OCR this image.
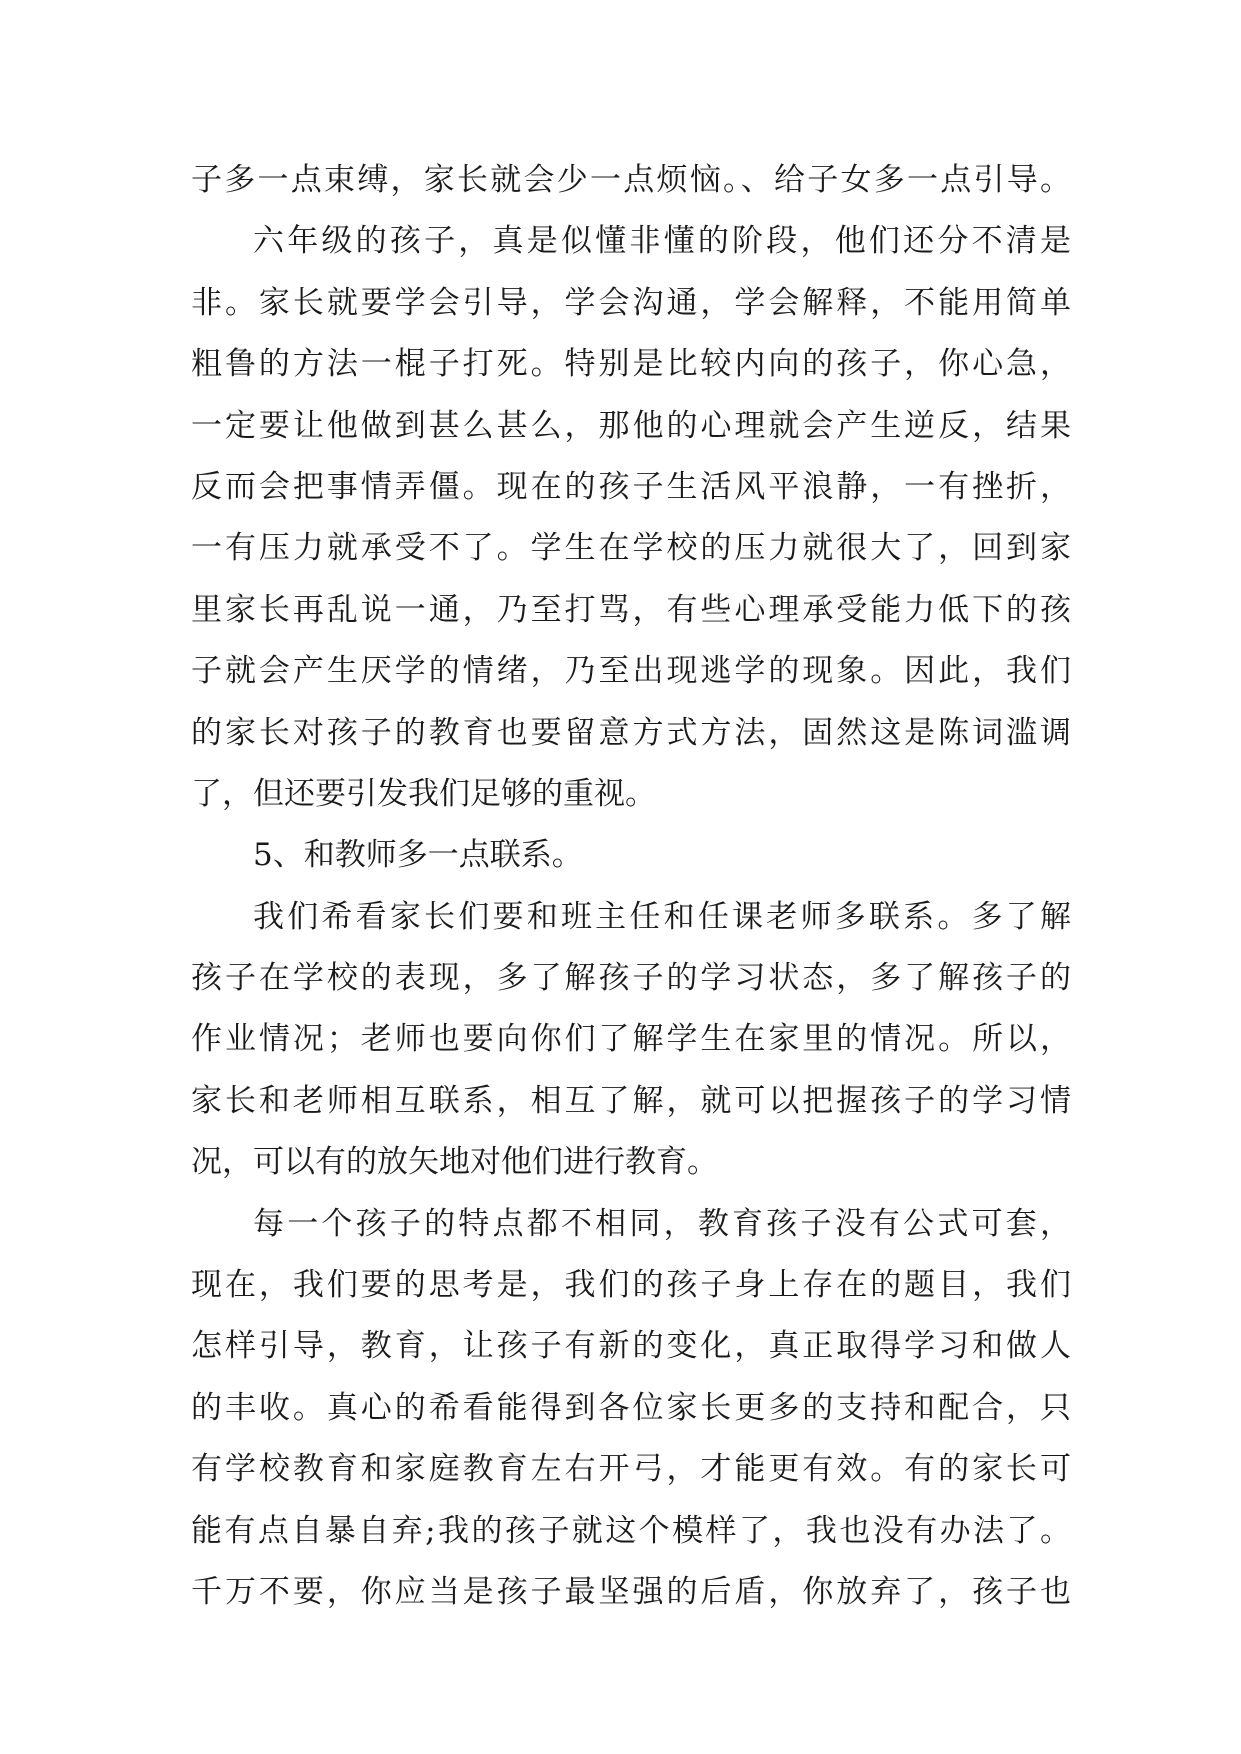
子多一点束缚，家长就会少一点烦恼。、给子女多一点引导。
六年级的孩子，真是似懂非懂的阶段，他们还分不清是
非。家长就要学会引导，学会沟通，学会解释，不能用简单
粗鲁的方法一棍子打死。特别是比较内向的孩子，你心急，
一定要让他做到甚么甚么，那他的心理就会产生逆反，结果
反而会把事情弄僵。现在的孩子生活风平浪静，一有挫折，
一有压力就承受不了。学生在学校的压力就很大了，回到家
里家长再乱说一通，乃至打骂，有些心理承受能力低下的孩
子就会产生厌学的情绪，乃至出现逃学的现象。因此，我们
的家长对孩子的教育也要留意方式方法，固然这是陈词滥调
了，但还要引发我们足够的重视。
5、和教师多一点联系。
我们希看家长们要和班主任和任课老师多联系。多了解
孩子在学校的表现，多了解孩子的学习状态，多了解孩子的
作业情况；老师也要向你们了解学生在家里的情况。所以，
家长和老师相互联系，相互了解，就可以把握孩子的学习情
况，可以有的放矢地对他们进行教育。
每一个孩子的特点都不相同，教育孩子没有公式可套，
现在，我们要的思考是，我们的孩子身上存在的题目，我们
怎样引导，教育，让孩子有新的变化，真正取得学习和做人
的丰收。真心的希看能得到各位家长更多的支持和配合，只
有学校教育和家庭教育左右开弓，才能更有效。有的家长可
能有点自暴自弃;我的孩子就这个模样了，我也没有办法了。
千万不要，你应当是孩子最坚强的后盾，你放弃了，孩子也
